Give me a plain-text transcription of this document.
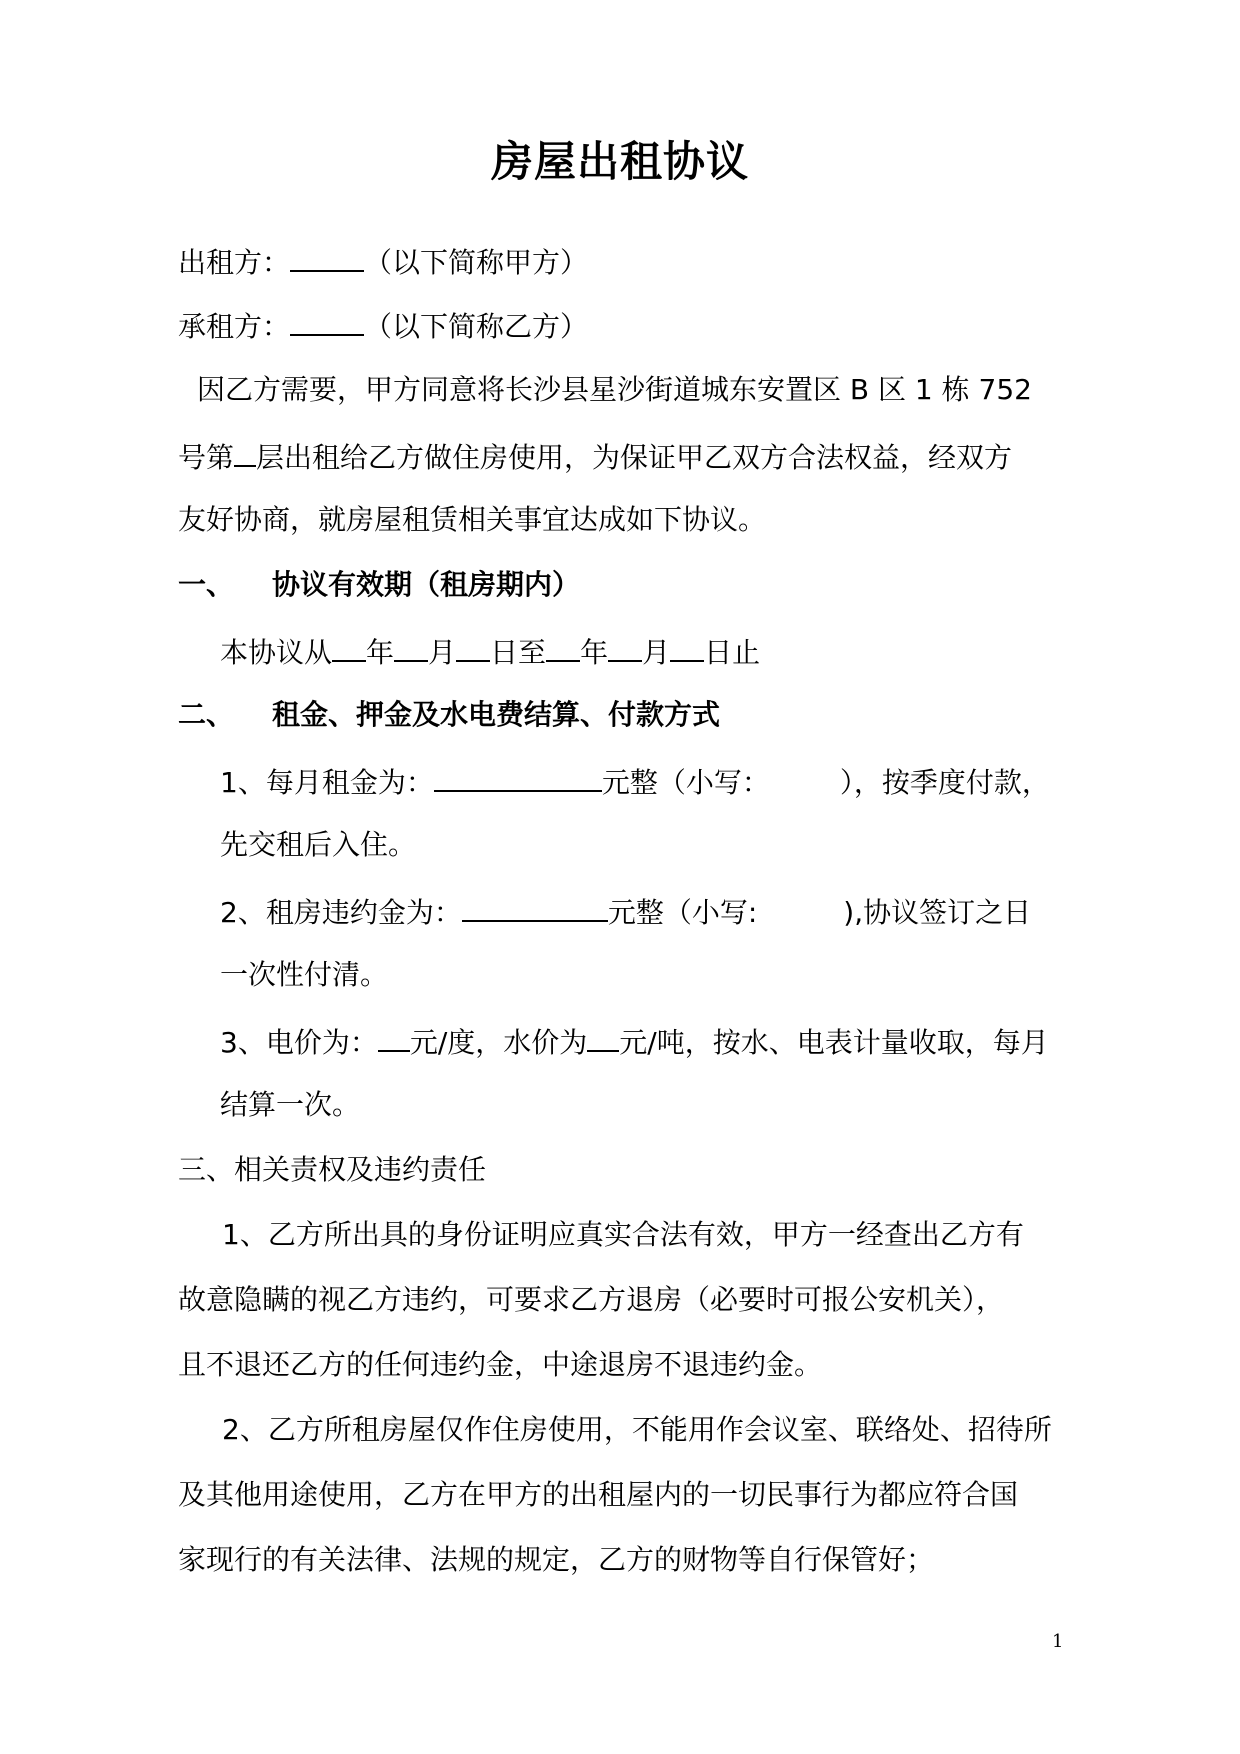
房屋出租协议
出租方：	（以下简称甲方）
承租方：	（以下简称乙方）
因乙方需要，甲方同意将长沙县星沙街道城东安置区 B 区 1 栋 752
号第 层出租给乙方做住房使用，为保证甲乙双方合法权益，经双方
友好协商，就房屋租赁相关事宜达成如下协议。
一、 协议有效期（租房期内）
本协议从 年 月 日至 年 月 日止
二、 租金、押金及水电费结算、付款方式
1、每月租金为：	元整（小写：	），按季度付款，
先交租后入住。
2、租房违约金为：	元整（小写:	),协议签订之日
一次性付清。
3、电价为： 元/度，水价为 元/吨，按水、电表计量收取，每月
结算一次。
三、相关责权及违约责任
1、乙方所出具的身份证明应真实合法有效，甲方一经查出乙方有
故意隐瞒的视乙方违约，可要求乙方退房（必要时可报公安机关），
且不退还乙方的任何违约金，中途退房不退违约金。
2、乙方所租房屋仅作住房使用，不能用作会议室、联络处、招待所
及其他用途使用，乙方在甲方的出租屋内的一切民事行为都应符合国
家现行的有关法律、法规的规定，乙方的财物等自行保管好；
1
